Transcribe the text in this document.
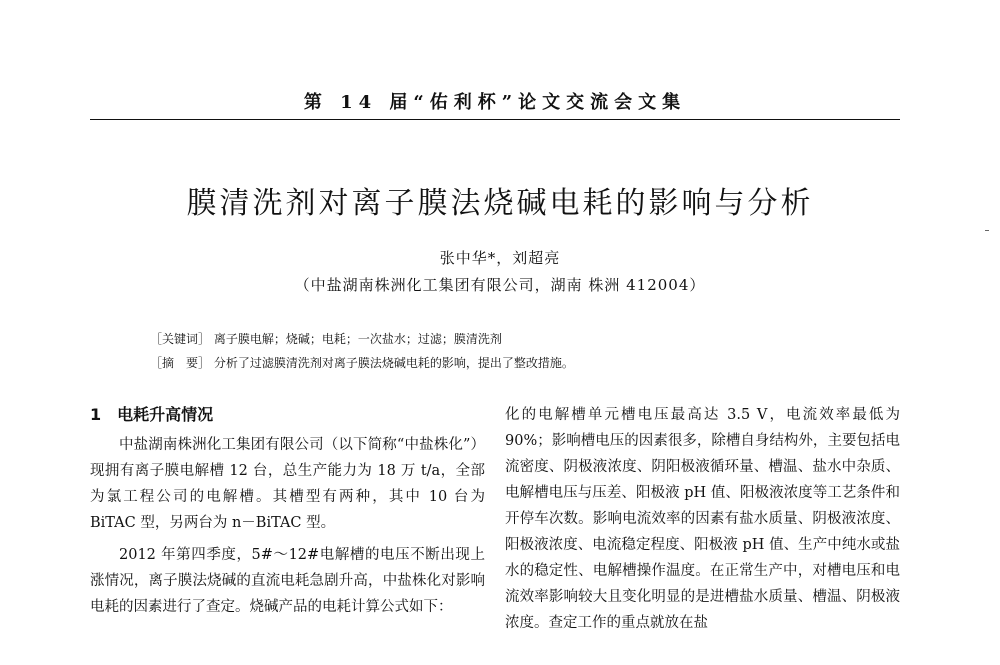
第 14 届“佑利杯”论文交流会文集
膜清洗剂对离子膜法烧碱电耗的影响与分析
张中华*，刘超亮
（中盐湖南株洲化工集团有限公司，湖南 株洲 412004）
［关键词］ 离子膜电解；烧碱；电耗；一次盐水；过滤；膜清洗剂
［摘　要］ 分析了过滤膜清洗剂对离子膜法烧碱电耗的影响，提出了整改措施。
1　电耗升高情况

中盐湖南株洲化工集团有限公司（以下简称“中盐株化”）现拥有离子膜电解槽 12 台，总生产能力为 18 万 t/a，全部为氯工程公司的电解槽。其槽型有两种，其中 10 台为 BiTAC 型，另两台为 n－BiTAC 型。

2012 年第四季度，5#～12#电解槽的电压不断出现上涨情况，离子膜法烧碱的直流电耗急剧升高，中盐株化对影响电耗的因素进行了查定。烧碱产品的电耗计算公式如下：

化的电解槽单元槽电压最高达 3.5 V，电流效率最低为 90%；影响槽电压的因素很多，除槽自身结构外，主要包括电流密度、阴极液浓度、阴阳极液循环量、槽温、盐水中杂质、电解槽电压与压差、阳极液 pH 值、阳极液浓度等工艺条件和开停车次数。影响电流效率的因素有盐水质量、阴极液浓度、阳极液浓度、电流稳定程度、阳极液 pH 值、生产中纯水或盐水的稳定性、电解槽操作温度。在正常生产中，对槽电压和电流效率影响较大且变化明显的是进槽盐水质量、槽温、阴极液浓度。查定工作的重点就放在盐
